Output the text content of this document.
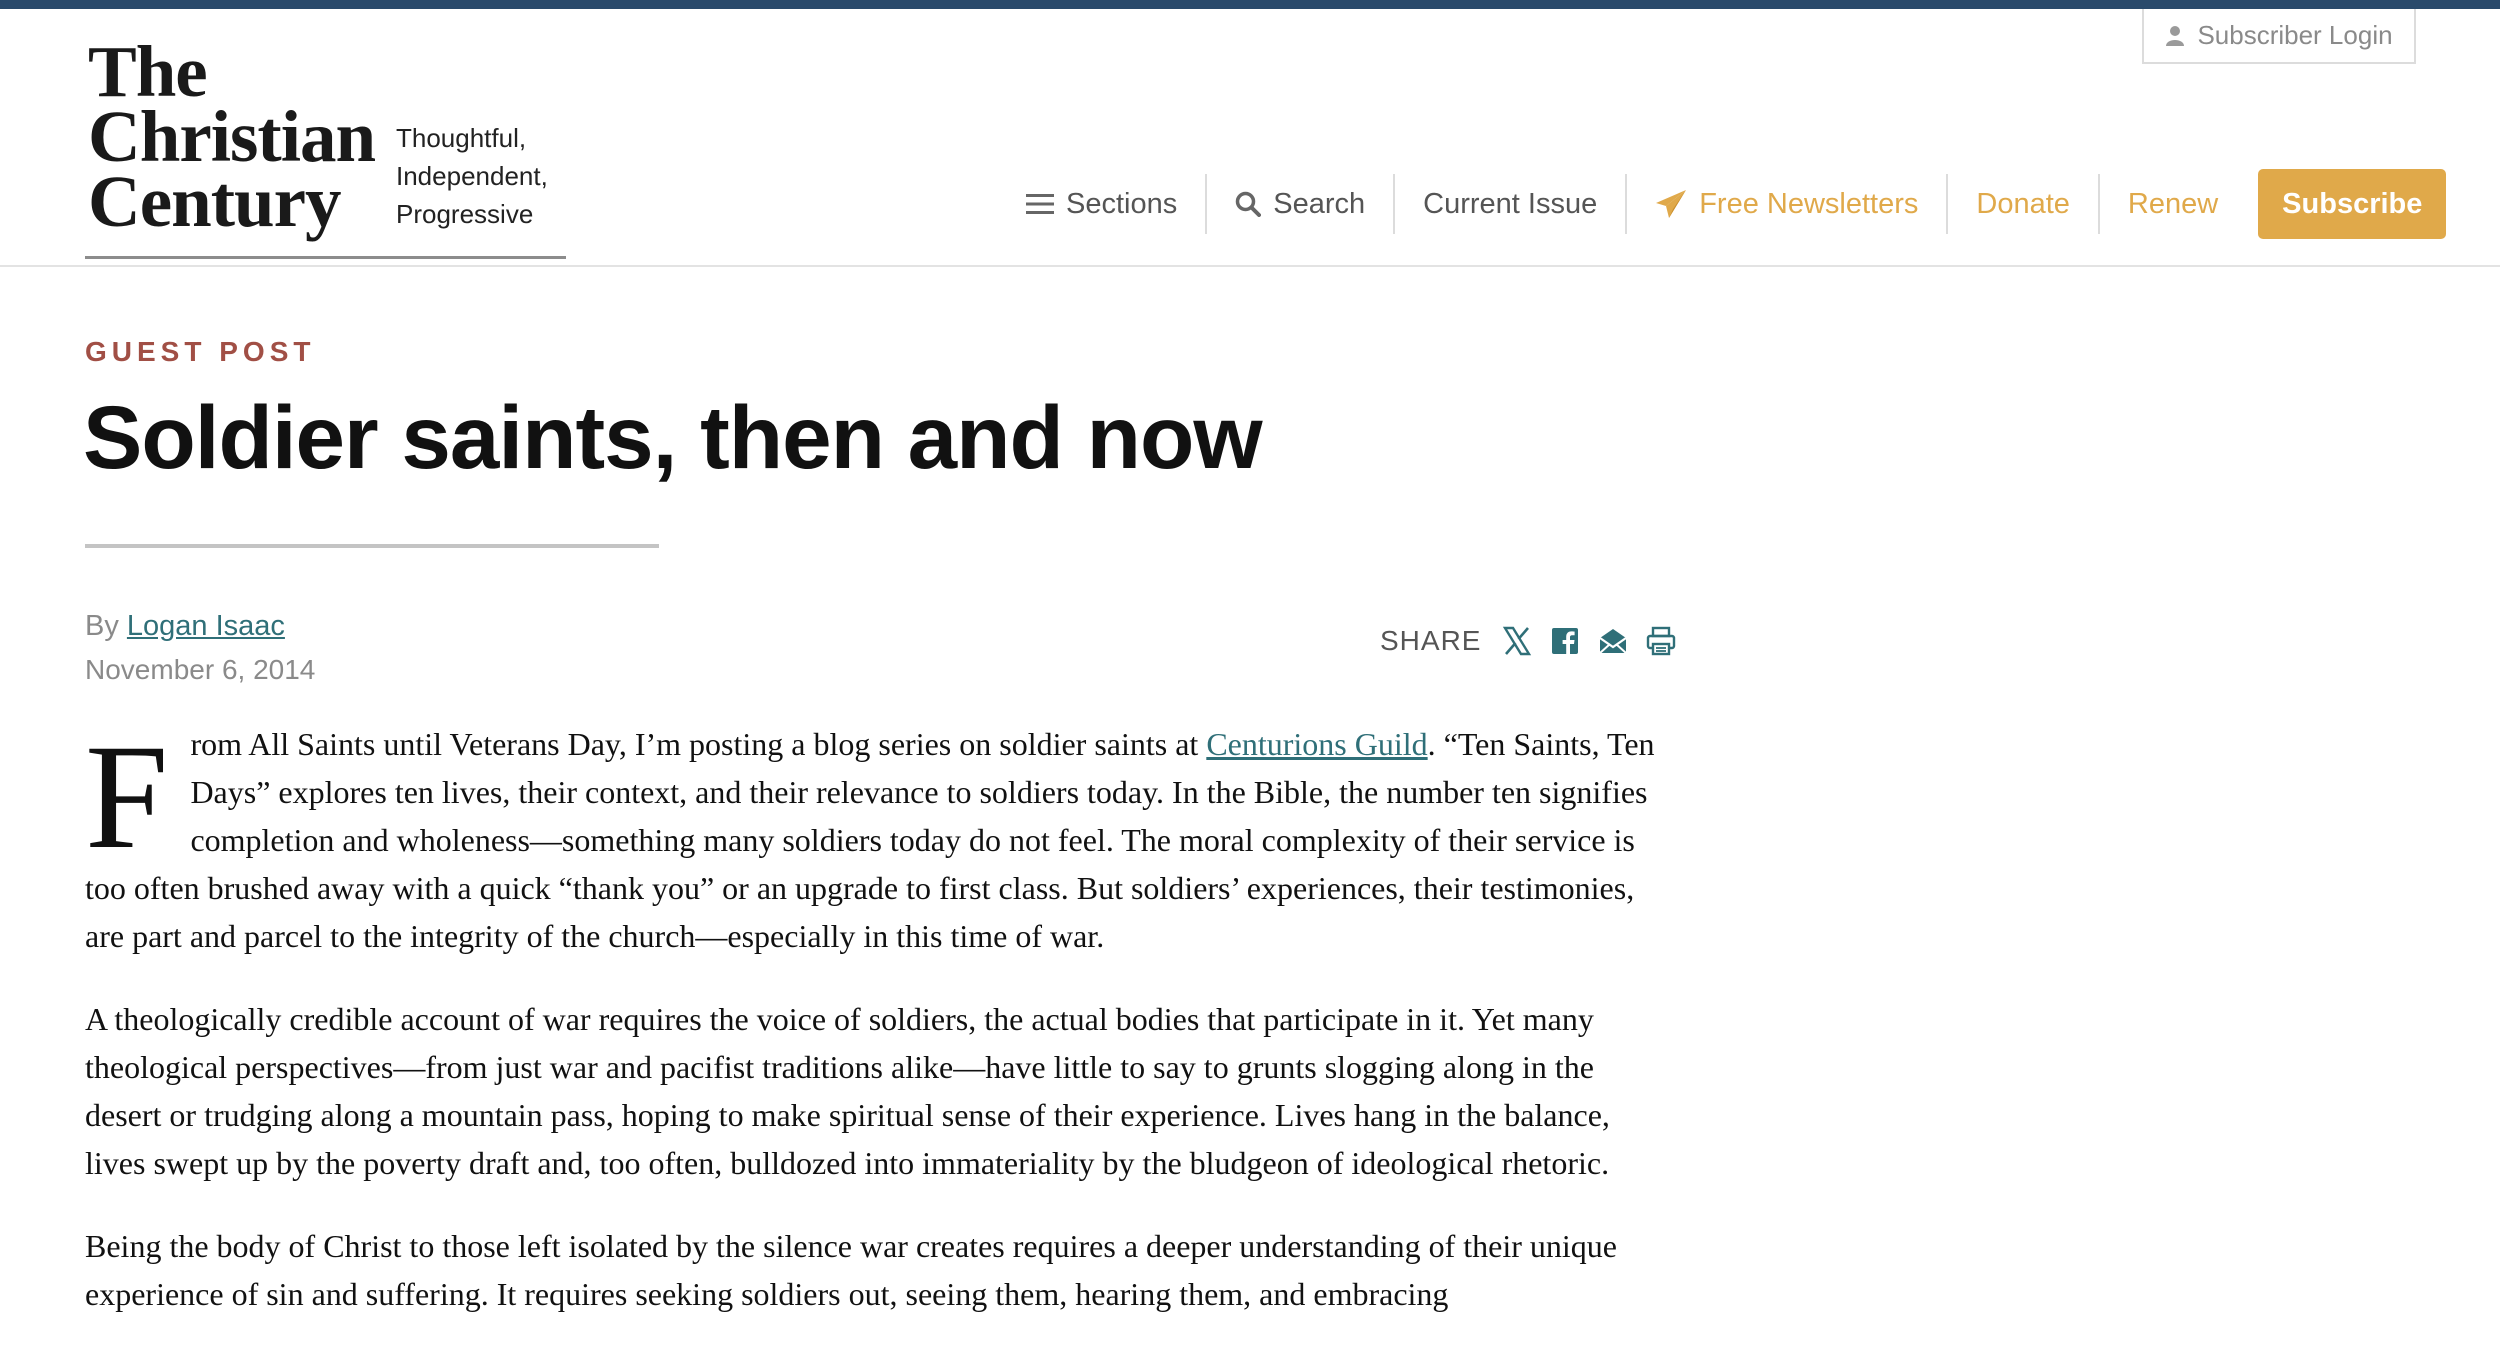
The
Christian
Century
Thoughtful,
Independent,
Progressive
Subscriber Login
Sections	Search Current Issue	Free Newsletters Donate Renew	Subscribe
GUEST POST
Soldier saints, then and now
By Logan Isaac
November 6, 2014
SHARE

From All Saints until Veterans Day, I’m posting a blog series on soldier saints at Centurions Guild. “Ten Saints, Ten Days” explores ten lives, their context, and their relevance to soldiers today. In the Bible, the number ten signifies completion and wholeness—something many soldiers today do not feel. The moral complexity of their service is too often brushed away with a quick “thank you” or an upgrade to first class. But soldiers’ experiences, their testimonies, are part and parcel to the integrity of the church—especially in this time of war.

A theologically credible account of war requires the voice of soldiers, the actual bodies that participate in it. Yet many theological perspectives—from just war and pacifist traditions alike—have little to say to grunts slogging along in the desert or trudging along a mountain pass, hoping to make spiritual sense of their experience. Lives hang in the balance, lives swept up by the poverty draft and, too often, bulldozed into immateriality by the bludgeon of ideological rhetoric.

Being the body of Christ to those left isolated by the silence war creates requires a deeper understanding of their unique experience of sin and suffering. It requires seeking soldiers out, seeing them, hearing them, and embracing
